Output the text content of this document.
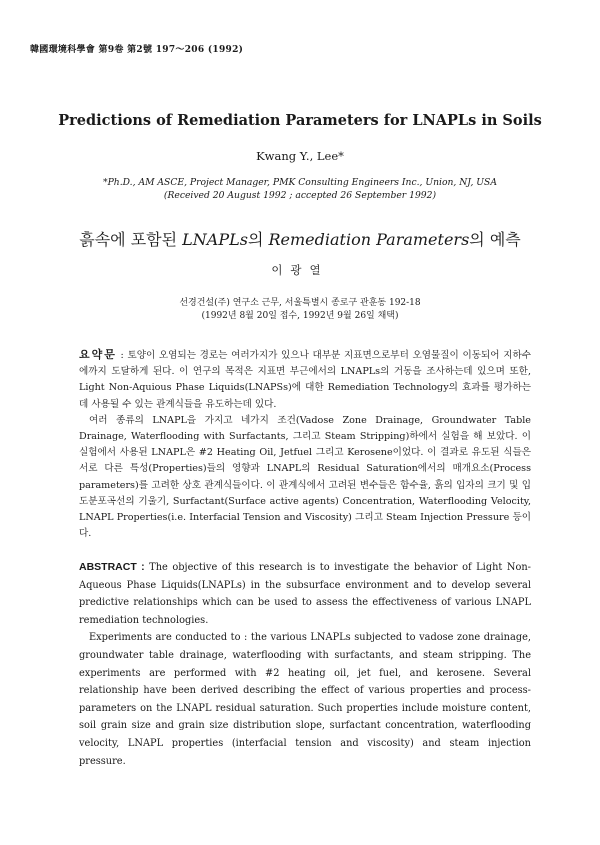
韓國環境科學會 第9卷 第2號 197～206 (1992)
Predictions of Remediation Parameters for LNAPLs in Soils
Kwang Y., Lee*
*Ph.D., AM ASCE, Project Manager, PMK Consulting Engineers Inc., Union, NJ, USA
(Received 20 August 1992 ; accepted 26 September 1992)
흙속에 포함된 LNAPLs의 Remediation Parameters의 예측
이광열
선경건설(주) 연구소 근무, 서울특별시 종로구 관훈동 192-18
(1992년 8월 20일 접수, 1992년 9월 26일 채택)

요약문 : 토양이 오염되는 경로는 여러가지가 있으나 대부분 지표면으로부터 오염물질이 이동되어 지하수에까지 도달하게 된다. 이 연구의 목적은 지표면 부근에서의 LNAPLs의 거동을 조사하는데 있으며 또한, Light Non-Aquious Phase Liquids(LNAPSs)에 대한 Remediation Technology의 효과를 평가하는데 사용될 수 있는 관계식들을 유도하는데 있다.

여러 종류의 LNAPL을 가지고 네가지 조건(Vadose Zone Drainage, Groundwater Table Drainage, Waterflooding with Surfactants, 그리고 Steam Stripping)하에서 실험을 해 보았다. 이 실험에서 사용된 LNAPL은 #2 Heating Oil, Jetfuel 그리고 Kerosene이었다. 이 결과로 유도된 식들은 서로 다른 특성(Properties)들의 영향과 LNAPL의 Residual Saturation에서의 매개요소(Process parameters)를 고려한 상호 관계식들이다. 이 관계식에서 고려된 변수들은 함수율, 흙의 입자의 크기 및 입도분포곡선의 기울기, Surfactant(Surface active agents) Concentration, Waterflooding Velocity, LNAPL Properties(i.e. Interfacial Tension and Viscosity) 그리고 Steam Injection Pressure 등이다.

ABSTRACT : The objective of this research is to investigate the behavior of Light Non-Aqueous Phase Liquids(LNAPLs) in the subsurface environment and to develop several predictive relationships which can be used to assess the effectiveness of various LNAPL remediation technologies.

Experiments are conducted to : the various LNAPLs subjected to vadose zone drainage, groundwater table drainage, waterflooding with surfactants, and steam stripping. The experiments are performed with #2 heating oil, jet fuel, and kerosene. Several relationship have been derived describing the effect of various properties and process-parameters on the LNAPL residual saturation. Such properties include moisture content, soil grain size and grain size distribution slope, surfactant concentration, waterflooding velocity, LNAPL properties (interfacial tension and viscosity) and steam injection pressure.
